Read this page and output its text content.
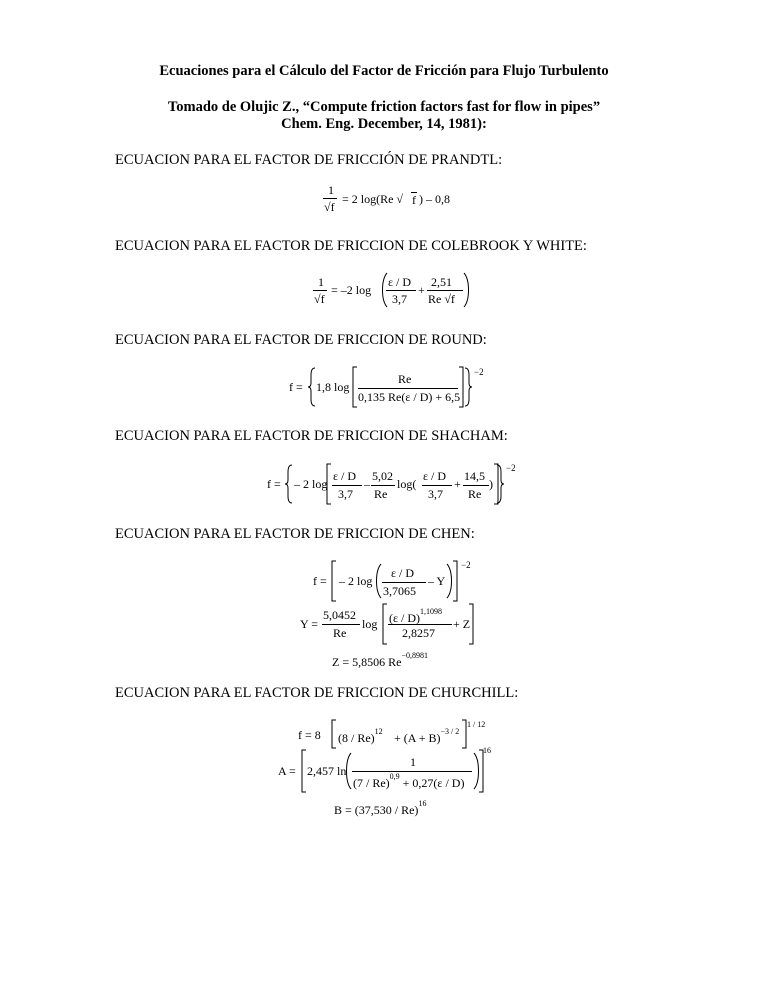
Ecuaciones para el Cálculo del Factor de Fricción para Flujo Turbulento
Tomado de Olujic Z., “Compute friction factors fast for flow in pipes”
Chem. Eng. December, 14, 1981):
ECUACION PARA EL FACTOR DE FRICCIÓN DE PRANDTL:
1
√f
= 2 log(Re √ f ) – 0,8
ECUACION PARA EL FACTOR DE FRICCION DE COLEBROOK Y WHITE:
1
√f
= –2 log
ε / D
3,7
+
2,51
Re √f
ECUACION PARA EL FACTOR DE FRICCION DE ROUND:
f = 1,8 log
Re
0,135 Re(ε / D) + 6,5
−2
ECUACION PARA EL FACTOR DE FRICCION DE SHACHAM:
f = – 2 log
ε / D
3,7
–
5,02
Re
log(
ε / D
3,7
+
14,5
Re
)
−2
ECUACION PARA EL FACTOR DE FRICCION DE CHEN:
f = – 2 log
ε / D
3,7065
– Y
−2
Y =
5,0452
Re
log (ε / D)$^{1,1098}$
2,8257
+ Z
Z = 5,8506 $Re^{-0,8981}$
ECUACION PARA EL FACTOR DE FRICCION DE CHURCHILL:
f = 8 $(8 / Re)^{12} + (A + B)^{-3 / 2}$
1 / 12
A = 2,457 ln
1
(7 / Re)$^{0,9}$ + 0,27(ε / D)
16
B = (37,530 / Re)$^{16}$
